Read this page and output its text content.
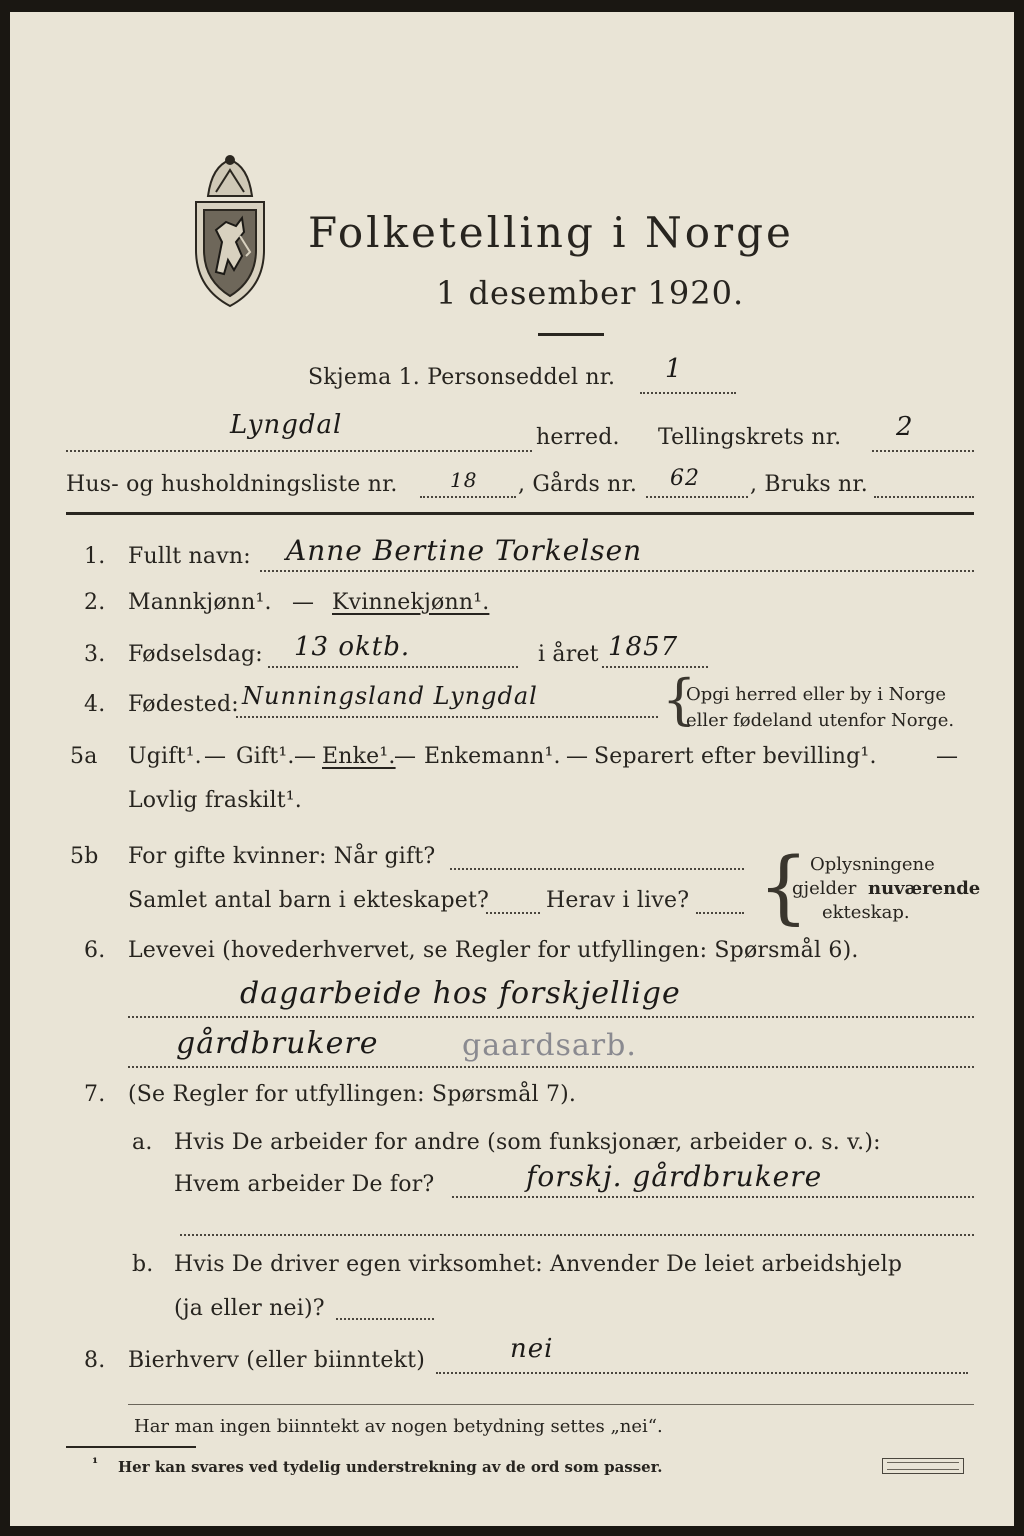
Folketelling i Norge
1 desember 1920.
Skjema 1. Personseddel nr. 1
Lyngdal	herred. Tellingskrets nr. 2
Hus- og husholdningsliste nr.	18 , Gårds nr. 62 , Bruks nr.
1. Fullt navn: Anne Bertine Torkelsen
2. Mannkjønn¹. — Kvinnekjønn¹.
3. Fødselsdag: 13 oktb.	i året 1857
4. Fødested: Nunningsland Lyngdal {
Opgi herred eller by i Norge
eller fødeland utenfor Norge.
5a Ugift¹. — Gift¹. — Enke¹.
— Enkemann¹. — Separert efter bevilling¹.	—
Lovlig fraskilt¹.
5b For gifte kvinner: Når gift?
Samlet antal barn i ekteskapet?	Herav i live? { Oplysningene
gjelder nuværende
ekteskap.
6. Levevei (hovederhvervet, se Regler for utfyllingen: Spørsmål 6).
dagarbeide hos forskjellige
gårdbrukere	gaardsarb.
7. (Se Regler for utfyllingen: Spørsmål 7).
a. Hvis De arbeider for andre (som funksjonær, arbeider o. s. v.):
Hvem arbeider De for?	forskj. gårdbrukere
b. Hvis De driver egen virksomhet: Anvender De leiet arbeidshjelp
(ja eller nei)?
8. Bierhverv (eller biinntekt)	nei
Har man ingen biinntekt av nogen betydning settes „nei“.
¹ Her kan svares ved tydelig understrekning av de ord som passer.
